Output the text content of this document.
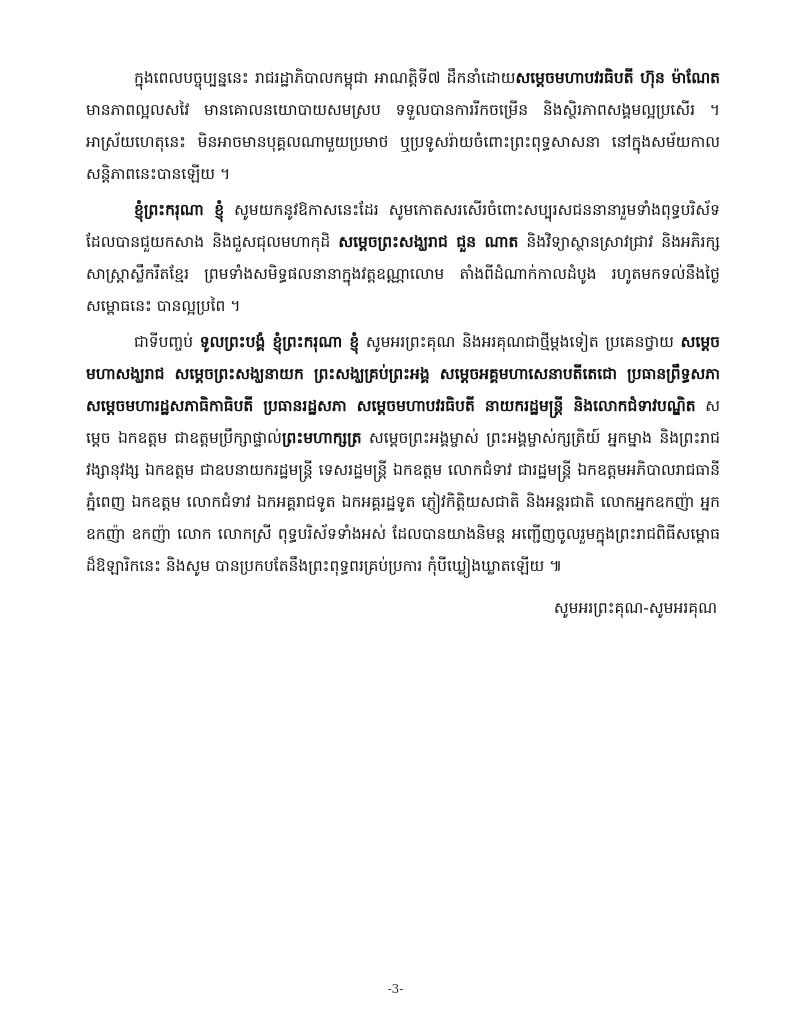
ក្នុងពេលបច្ចុប្បន្ននេះ រាជរដ្ឋាភិបាលកម្ពុជា អាណត្តិទី៧ ដឹកនាំដោយសម្តេចមហាបវរធិបតី ហ៊ុន ម៉ាណែត មានភាពល្អលសវៃ មានគោលនយោបាយសមស្រប ទទួលបានការរីកចម្រើន និងស្ថិរភាពសង្គមល្អប្រសើរ ។ អាស្រ័យហេតុនេះ មិនអាចមានបុគ្គលណាមួយប្រមាថ ឬប្រទូសរ៉ាយចំពោះព្រះពុទ្ធសាសនា នៅក្នុងសម័យកាលសន្តិភាពនេះបានឡើយ ។

ខ្ញុំព្រះករុណា ខ្ញុំ សូមយកនូវឱកាសនេះដែរ សូមកោតសរសើរចំពោះសប្បុរសជននានារួមទាំងពុទ្ធបរិស័ទ ដែលបានជួយកសាង និងជួសជុលមហាកុដិ សម្តេចព្រះសង្ឃរាជ ជួន ណាត និងវិទ្យាស្ថានស្រាវជ្រាវ និងអភិរក្សសាស្ត្រាស្លឹករឹតខ្មែរ ព្រមទាំងសមិទ្ធផលនានាក្នុងវត្តឧណ្ណាលោម តាំងពីដំណាក់កាលដំបូង រហូតមកទល់នឹងថ្ងៃសម្ពោធនេះ បានល្អប្រពៃ ។

ជាទីបញ្ចប់ ទូលព្រះបង្គំ ខ្ញុំព្រះករុណា ខ្ញុំ សូមអរព្រះគុណ និងអរគុណជាថ្មីម្តងទៀត ប្រគេនថ្វាយ សម្តេចមហាសង្ឃរាជ សម្តេចព្រះសង្ឃនាយក ព្រះសង្ឃគ្រប់ព្រះអង្គ សម្តេចអគ្គមហាសេនាបតីតេជោ ប្រធានព្រឹទ្ធសភា សម្តេចមហារដ្ឋសភាធិកាធិបតី ប្រធានរដ្ឋសភា សម្តេចមហាបវរធិបតី នាយករដ្ឋមន្ត្រី និងលោកជំទាវបណ្ឌិត សម្តេច ឯកឧត្តម ជាឧត្តមប្រឹក្សាផ្ទាល់ព្រះមហាក្សត្រ សម្តេចព្រះអង្គម្ចាស់ ព្រះអង្គម្ចាស់ក្សត្រិយ៍ អ្នកម្នាង និងព្រះរាជវង្សានុវង្ស ឯកឧត្តម ជាឧបនាយករដ្ឋមន្ត្រី ទេសរដ្ឋមន្ត្រី ឯកឧត្តម លោកជំទាវ ជារដ្ឋមន្ត្រី ឯកឧត្តមអភិបាលរាជធានីភ្នំពេញ ឯកឧត្តម លោកជំទាវ ឯកអគ្គរាជទូត ឯកអគ្គរដ្ឋទូត ភ្ញៀវកិត្តិយសជាតិ និងអន្តរជាតិ លោកអ្នកឧកញ៉ា អ្នកឧកញ៉ា ឧកញ៉ា លោក លោកស្រី ពុទ្ធបរិស័ទទាំងអស់ ដែលបានយាងនិមន្ត អញ្ជើញចូលរួមក្នុងព្រះរាជពិធីសម្ពោធដ៏ឱឡារិកនេះ និងសូម បានប្រកបតែនឹងព្រះពុទ្ធពរគ្រប់ប្រការ កុំបីឃ្លៀងឃ្លាតឡើយ ៕

សូមអរព្រះគុណ-សូមអរគុណ
-3-
